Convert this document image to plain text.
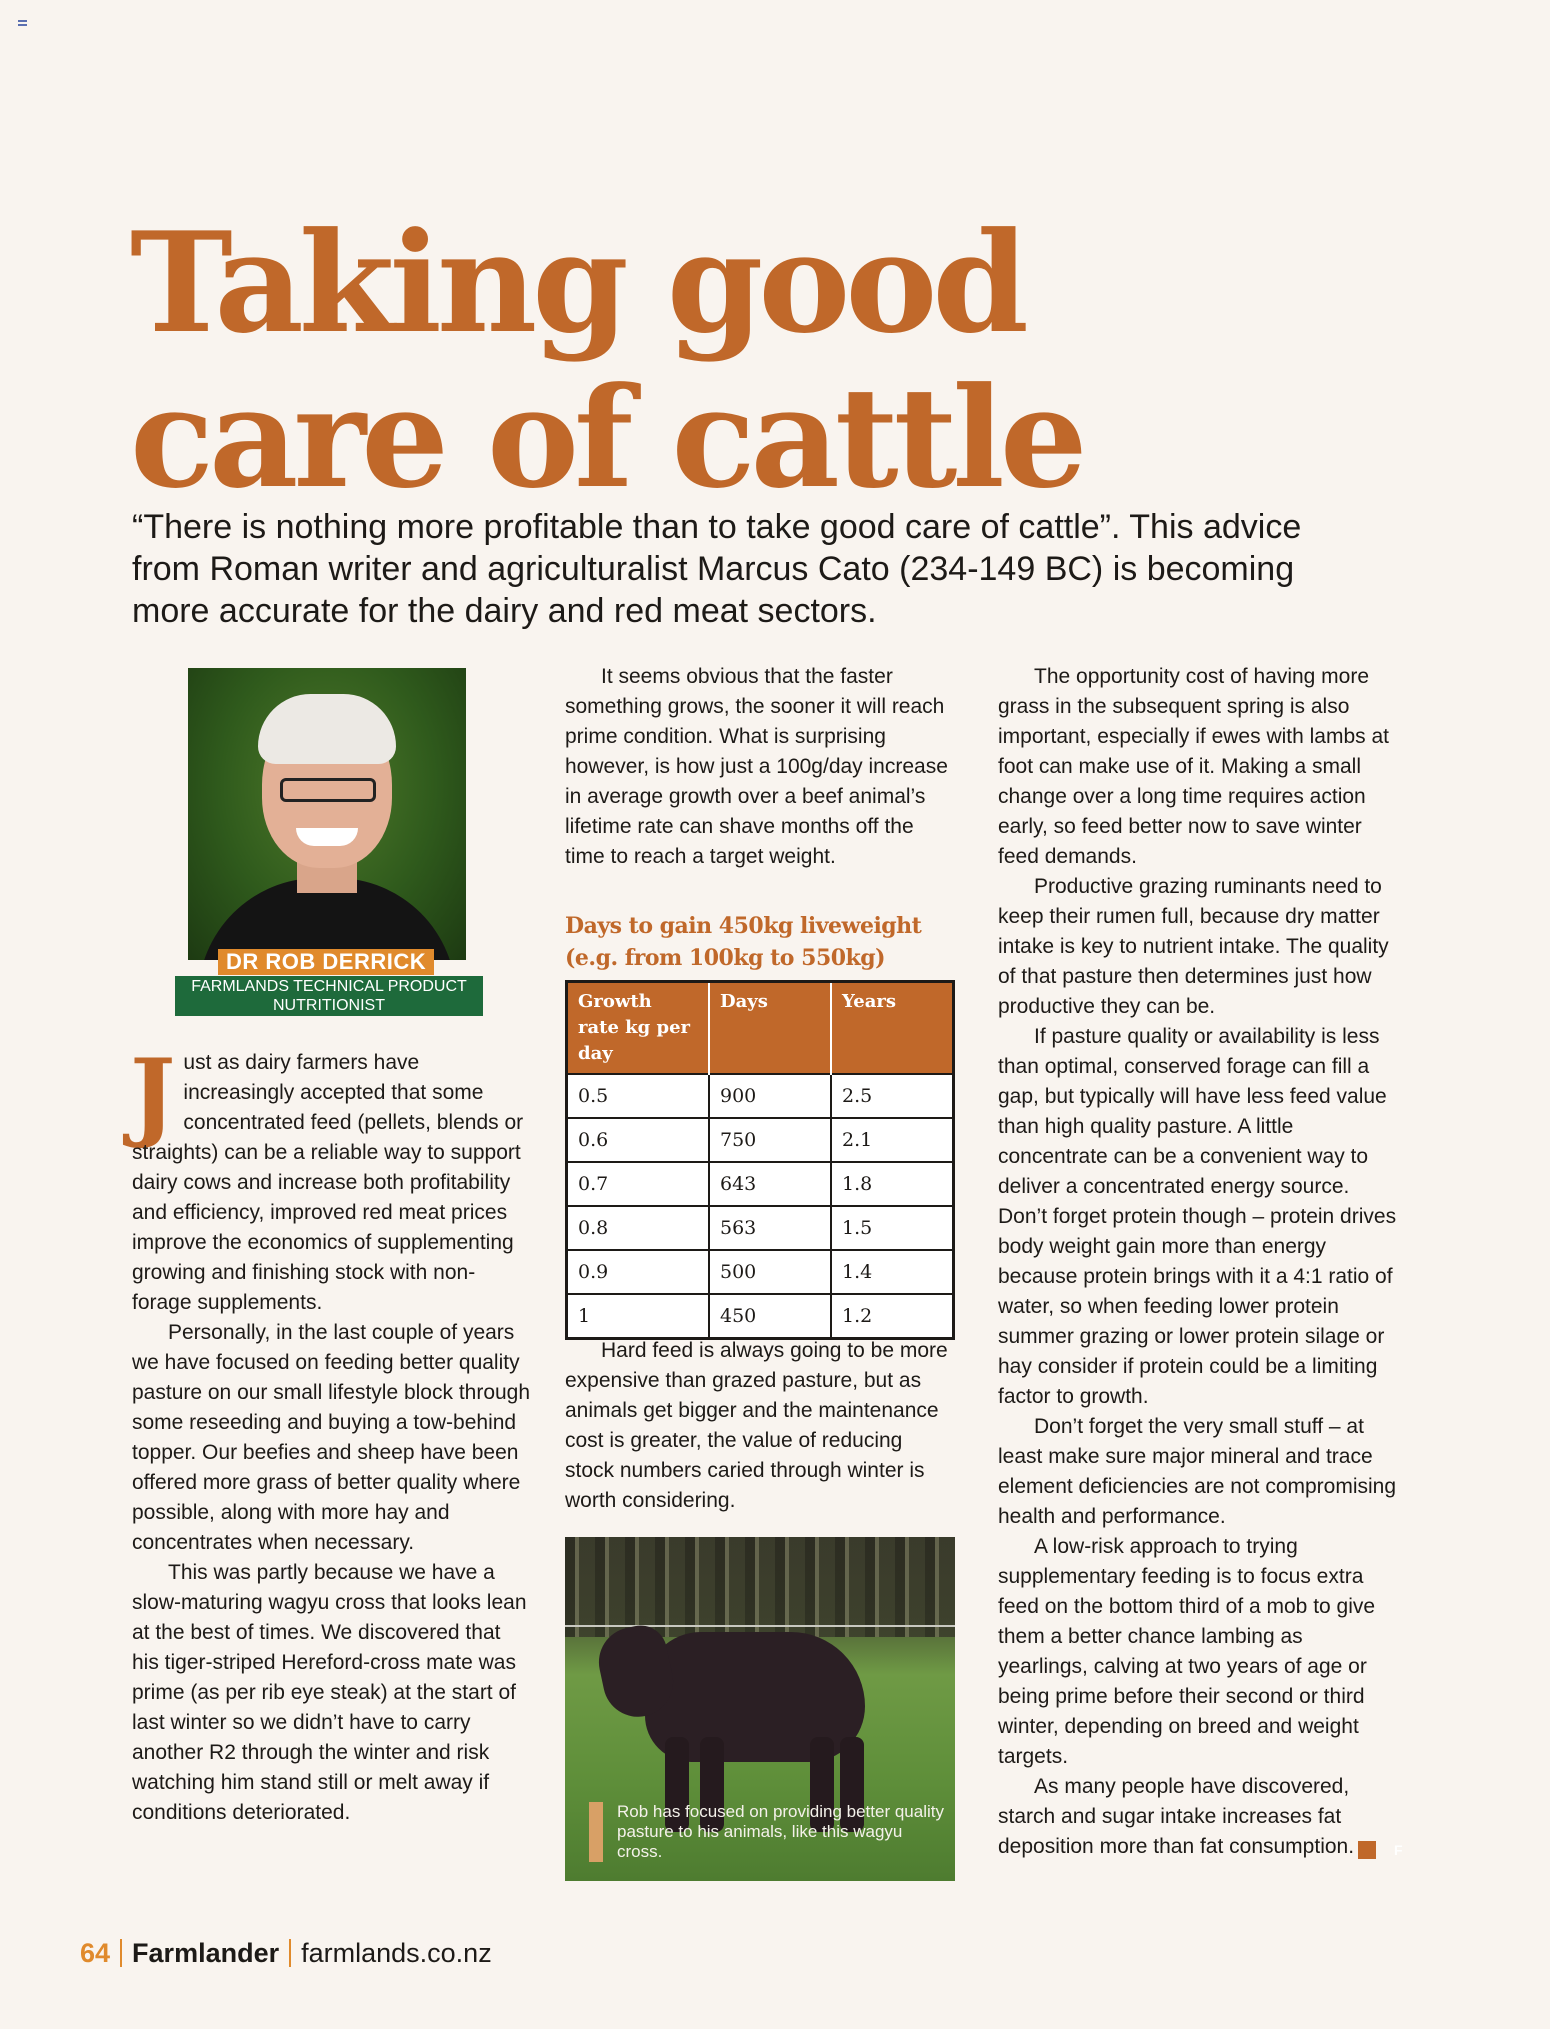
Taking good
care of cattle

“There is nothing more profitable than to take good care of cattle”. This advice from Roman writer and agriculturalist Marcus Cato (234-149 BC) is becoming more accurate for the dairy and red meat sectors.

DR ROB DERRICK
FARMLANDS TECHNICAL PRODUCT
NUTRITIONIST

Just as dairy farmers have increasingly accepted that some concentrated feed (pellets, blends or straights) can be a reliable way to support dairy cows and increase both profitability and efficiency, improved red meat prices improve the economics of supplementing growing and finishing stock with non-forage supplements.

Personally, in the last couple of years we have focused on feeding better quality pasture on our small lifestyle block through some reseeding and buying a tow-behind topper. Our beefies and sheep have been offered more grass of better quality where possible, along with more hay and concentrates when necessary.

This was partly because we have a slow-maturing wagyu cross that looks lean at the best of times. We discovered that his tiger-striped Hereford-cross mate was prime (as per rib eye steak) at the start of last winter so we didn’t have to carry another R2 through the winter and risk watching him stand still or melt away if conditions deteriorated.

It seems obvious that the faster something grows, the sooner it will reach prime condition. What is surprising however, is how just a 100g/day increase in average growth over a beef animal’s lifetime rate can shave months off the time to reach a target weight.

Days to gain 450kg liveweight (e.g. from 100kg to 550kg)
Growth rate kg per day	Days	Years
0.5	900	2.5
0.6	750	2.1
0.7	643	1.8
0.8	563	1.5
0.9	500	1.4
1	450	1.2

Hard feed is always going to be more expensive than grazed pasture, but as animals get bigger and the maintenance cost is greater, the value of reducing stock numbers caried through winter is worth considering.

Rob has focused on providing better quality pasture to his animals, like this wagyu cross.

The opportunity cost of having more grass in the subsequent spring is also important, especially if ewes with lambs at foot can make use of it. Making a small change over a long time requires action early, so feed better now to save winter feed demands.

Productive grazing ruminants need to keep their rumen full, because dry matter intake is key to nutrient intake. The quality of that pasture then determines just how productive they can be.

If pasture quality or availability is less than optimal, conserved forage can fill a gap, but typically will have less feed value than high quality pasture. A little concentrate can be a convenient way to deliver a concentrated energy source. Don’t forget protein though – protein drives body weight gain more than energy because protein brings with it a 4:1 ratio of water, so when feeding lower protein summer grazing or lower protein silage or hay consider if protein could be a limiting factor to growth.

Don’t forget the very small stuff – at least make sure major mineral and trace element deficiencies are not compromising health and performance.

A low-risk approach to trying supplementary feeding is to focus extra feed on the bottom third of a mob to give them a better chance lambing as yearlings, calving at two years of age or being prime before their second or third winter, depending on breed and weight targets.

As many people have discovered, starch and sugar intake increases fat deposition more than fat consumption.	F

64 Farmlander farmlands.co.nz
